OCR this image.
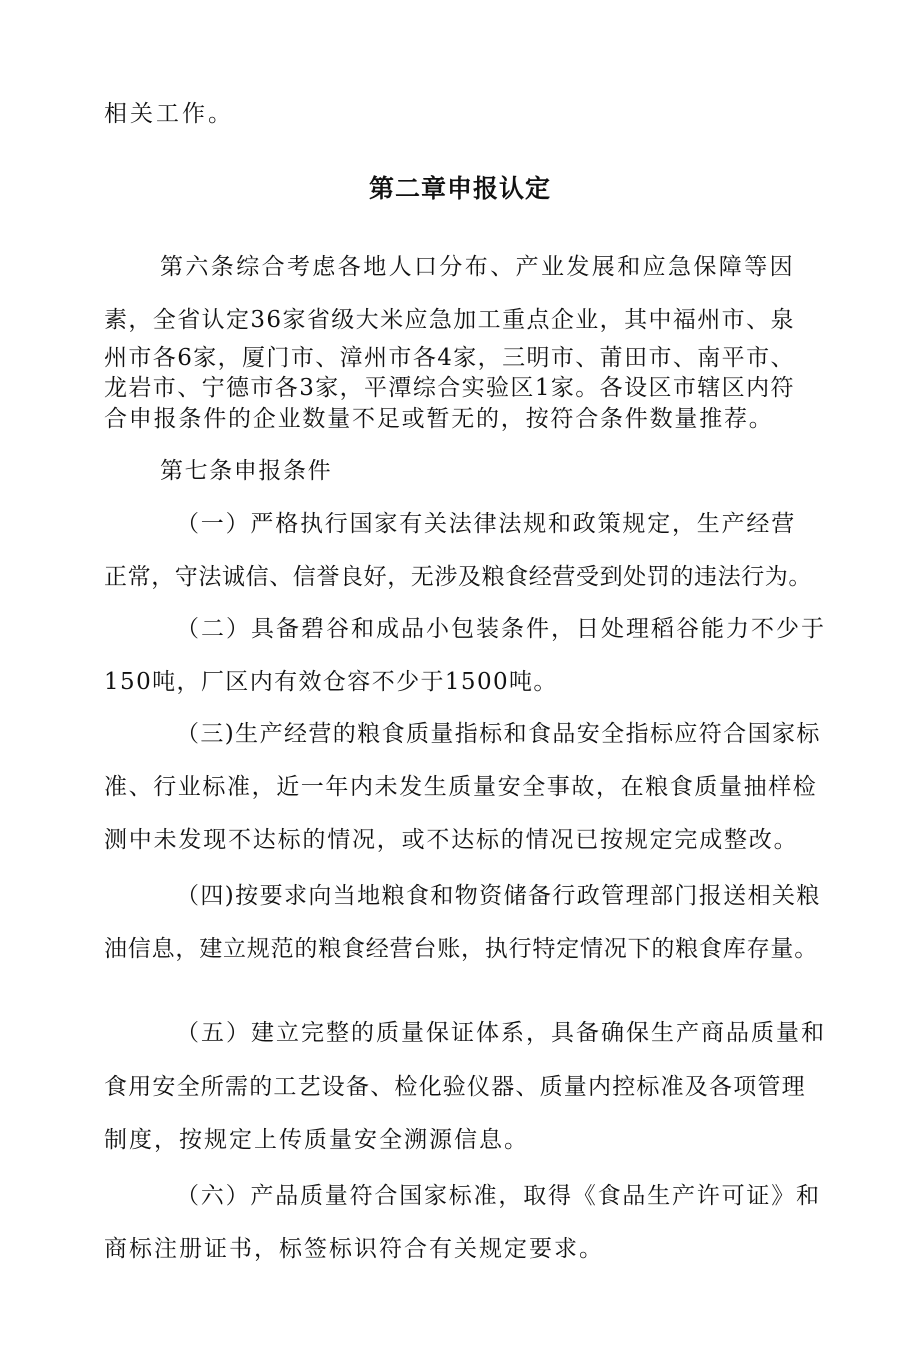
相关工作。

第二章申报认定

第六条综合考虑各地人口分布、产业发展和应急保障等因

素，全省认定36家省级大米应急加工重点企业，其中福州市、泉

州市各6家，厦门市、漳州市各4家，三明市、莆田市、南平市、

龙岩市、宁德市各3家，平潭综合实验区1家。各设区市辖区内符

合申报条件的企业数量不足或暂无的，按符合条件数量推荐。

第七条申报条件

（一）严格执行国家有关法律法规和政策规定，生产经营

正常，守法诚信、信誉良好，无涉及粮食经营受到处罚的违法行为。

（二）具备碧谷和成品小包装条件，日处理稻谷能力不少于

150吨，厂区内有效仓容不少于1500吨。

（三)生产经营的粮食质量指标和食品安全指标应符合国家标

准、行业标准，近一年内未发生质量安全事故，在粮食质量抽样检

测中未发现不达标的情况，或不达标的情况已按规定完成整改。

（四)按要求向当地粮食和物资储备行政管理部门报送相关粮

油信息，建立规范的粮食经营台账，执行特定情况下的粮食库存量。

（五）建立完整的质量保证体系，具备确保生产商品质量和

食用安全所需的工艺设备、检化验仪器、质量内控标准及各项管理

制度，按规定上传质量安全溯源信息。

（六）产品质量符合国家标准，取得《食品生产许可证》和

商标注册证书，标签标识符合有关规定要求。
